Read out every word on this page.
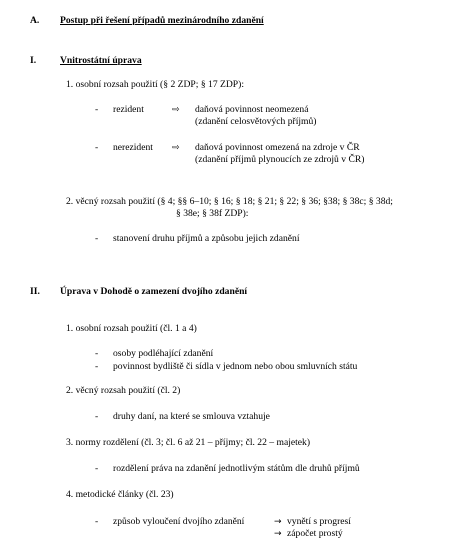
A. Postup při řešení případů mezinárodního zdanění
I. Vnitrostátní úprava
1. osobní rozsah použití (§ 2 ZDP; § 17 ZDP):
- rezident	⇨ daňová povinnost neomezená
(zdanění celosvětových příjmů)
- nerezident ⇨ daňová povinnost omezená na zdroje v ČR
(zdanění příjmů plynoucích ze zdrojů v ČR)
2. věcný rozsah použití (§ 4; §§ 6–10; § 16; § 18; § 21; § 22; § 36; §38; § 38c; § 38d;
§ 38e; § 38f ZDP):
- stanovení druhu příjmů a způsobu jejich zdanění
II. Úprava v Dohodě o zamezení dvojího zdanění
1. osobní rozsah použití (čl. 1 a 4)
- osoby podléhající zdanění
- povinnost bydliště či sídla v jednom nebo obou smluvních státu
2. věcný rozsah použití (čl. 2)
- druhy daní, na které se smlouva vztahuje
3. normy rozdělení (čl. 3; čl. 6 až 21 – příjmy; čl. 22 – majetek)
- rozdělení práva na zdanění jednotlivým státům dle druhů příjmů
4. metodické články (čl. 23)
- způsob vyloučení dvojího zdanění	→ vynětí s progresí
→ zápočet prostý
